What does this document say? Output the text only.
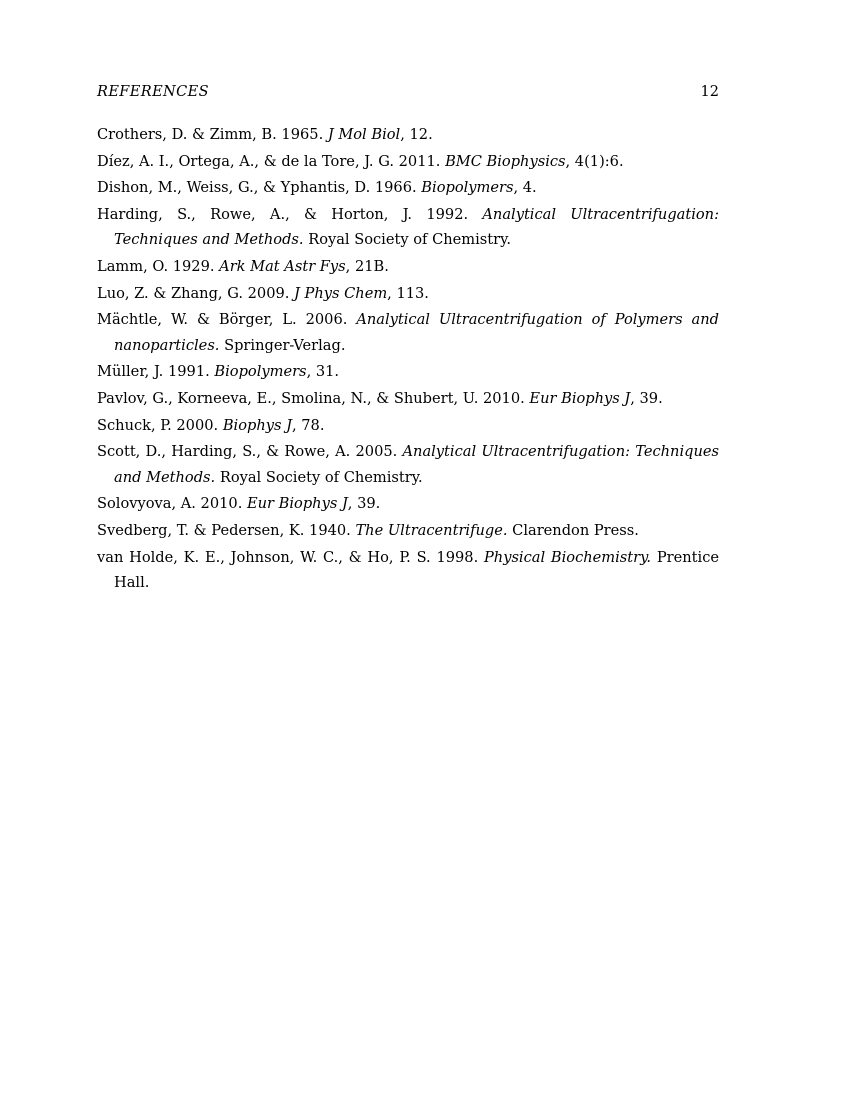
REFERENCES	12

Crothers, D. & Zimm, B. 1965. J Mol Biol, 12.

Díez, A. I., Ortega, A., & de la Tore, J. G. 2011. BMC Biophysics, 4(1):6.

Dishon, M., Weiss, G., & Yphantis, D. 1966. Biopolymers, 4.

Harding, S., Rowe, A., & Horton, J. 1992. Analytical Ultracentrifugation: Techniques and Methods. Royal Society of Chemistry.

Lamm, O. 1929. Ark Mat Astr Fys, 21B.

Luo, Z. & Zhang, G. 2009. J Phys Chem, 113.

Mächtle, W. & Börger, L. 2006. Analytical Ultracentrifugation of Polymers and nanoparticles. Springer-Verlag.

Müller, J. 1991. Biopolymers, 31.

Pavlov, G., Korneeva, E., Smolina, N., & Shubert, U. 2010. Eur Biophys J, 39.

Schuck, P. 2000. Biophys J, 78.

Scott, D., Harding, S., & Rowe, A. 2005. Analytical Ultracentrifugation: Techniques and Methods. Royal Society of Chemistry.

Solovyova, A. 2010. Eur Biophys J, 39.

Svedberg, T. & Pedersen, K. 1940. The Ultracentrifuge. Clarendon Press.

van Holde, K. E., Johnson, W. C., & Ho, P. S. 1998. Physical Biochemistry. Prentice Hall.
